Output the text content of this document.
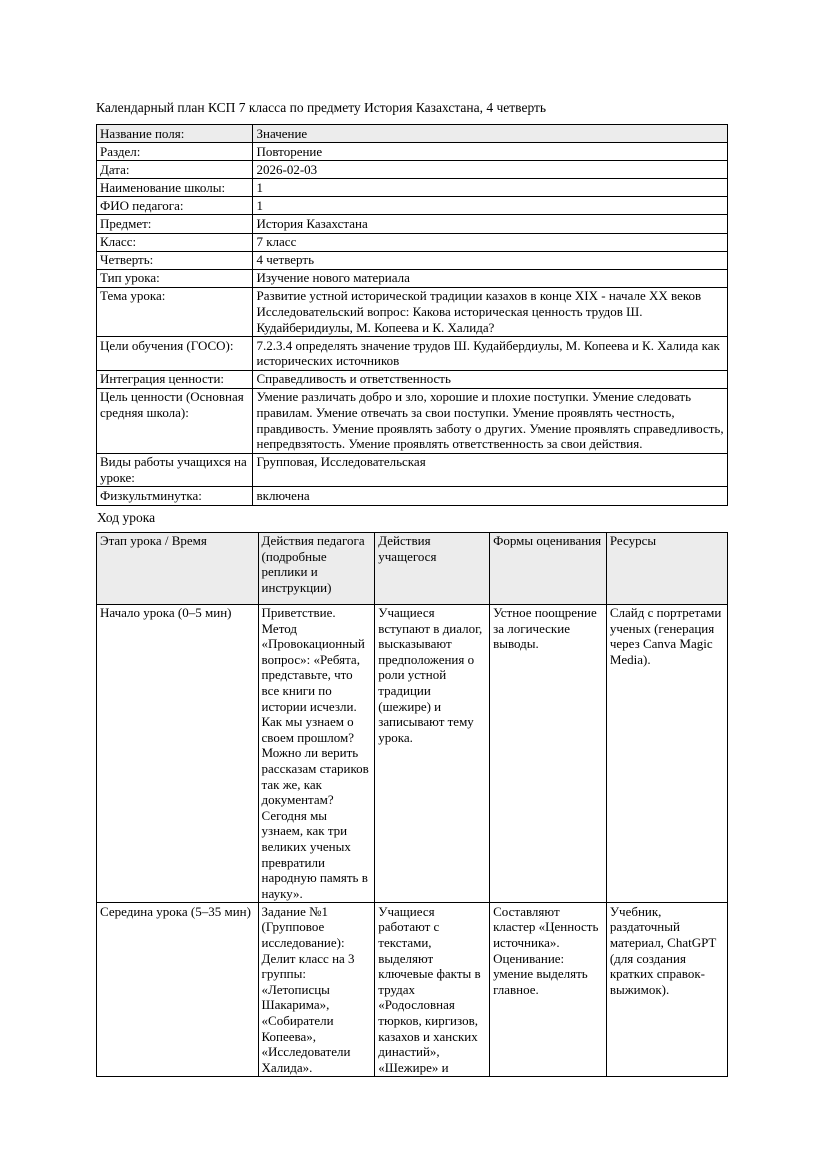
Календарный план КСП 7 класса по предмету История Казахстана, 4 четверть
Название поля:	Значение
Раздел:	Повторение
Дата:	2026-02-03
Наименование школы:	1
ФИО педагога:	1
Предмет:	История Казахстана
Класс:	7 класс
Четверть:	4 четверть
Тип урока:	Изучение нового материала
Тема урока:	Развитие устной исторической традиции казахов в конце XIX - начале XX веков Исследовательский вопрос: Какова историческая ценность трудов Ш. Кудайберидиулы, М. Копеева и К. Халида?
Цели обучения (ГОСО):	7.2.3.4 определять значение трудов Ш. Кудайбердиулы, М. Копеева и К. Халида как исторических источников
Интеграция ценности:	Справедливость и ответственность
Цель ценности (Основная средняя школа):	Умение различать добро и зло, хорошие и плохие поступки. Умение следовать правилам. Умение отвечать за свои поступки. Умение проявлять честность, правдивость. Умение проявлять заботу о других. Умение проявлять справедливость, непредвзятость. Умение проявлять ответственность за свои действия.
Виды работы учащихся на уроке:	Групповая, Исследовательская
Физкультминутка:	включена
Ход урока
Этап урока / Время	Действия педагога (подробные реплики и инструкции)	Действия учащегося	Формы оценивания	Ресурсы
Начало урока (0–5 мин)	Приветствие. Метод «Провокационный вопрос»: «Ребята, представьте, что все книги по истории исчезли. Как мы узнаем о своем прошлом? Можно ли верить рассказам стариков так же, как документам? Сегодня мы узнаем, как три великих ученых превратили народную память в науку».	Учащиеся вступают в диалог, высказывают предположения о роли устной традиции (шежире) и записывают тему урока.	Устное поощрение за логические выводы.	Слайд с портретами ученых (генерация через Canva Magic Media).
Середина урока (5–35 мин)	Задание №1 (Групповое исследование): Делит класс на 3 группы: «Летописцы Шакарима», «Собиратели Копеева», «Исследователи Халида».	Учащиеся работают с текстами, выделяют ключевые факты в трудах «Родословная тюрков, киргизов, казахов и ханских династий», «Шежире» и	Составляют кластер «Ценность источника». Оценивание: умение выделять главное.	Учебник, раздаточный материал, ChatGPT (для создания кратких справок-выжимок).
